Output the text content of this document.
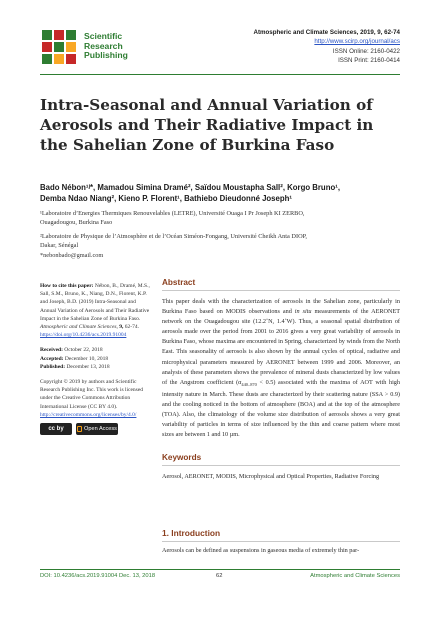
Scientific
Research
Publishing
Atmospheric and Climate Sciences, 2019, 9, 62-74
http://www.scirp.org/journal/acs
ISSN Online: 2160-0422
ISSN Print: 2160-0414
Intra-Seasonal and Annual Variation of Aerosols and Their Radiative Impact in the Sahelian Zone of Burkina Faso
Bado Nébon¹ʲ*, Mamadou Simina Dramé², Saïdou Moustapha Sall², Korgo Bruno¹,
Demba Ndao Niang², Kieno P. Florent¹, Bathiebo Dieudonné Joseph¹
¹Laboratoire d’Energies Thermiques Renouvelables (LETRE), Université Ouaga I Pr Joseph KI ZERBO,
Ouagadougou, Burkina Faso
²Laboratoire de Physique de l’Atmosphère et de l’Océan Siméon-Fongang, Université Cheikh Anta DIOP,
Dakar, Sénégal
*nebonbado@gmail.com
How to cite this paper: Nébon, B., Dramé, M.S., Sall, S.M., Bruno, K., Niang, D.N., Florent, K.P. and Joseph, B.D. (2019) Intra-Seasonal and Annual Variation of Aerosols and Their Radiative Impact in the Sahelian Zone of Burkina Faso. Atmospheric and Climate Sciences, 9, 62-74.
https://doi.org/10.4236/acs.2019.91004
Received: October 22, 2018
Accepted: December 10, 2018
Published: December 13, 2018
Copyright © 2019 by authors and Scientific Research Publishing Inc. This work is licensed under the Creative Commons Attribution International License (CC BY 4.0).
http://creativecommons.org/licenses/by/4.0/
cc by	Open Access
Abstract
This paper deals with the characterization of aerosols in the Sahelian zone, particularly in Burkina Faso based on MODIS observations and in situ measurements of the AERONET network on the Ouagadougou site (12.2˚N, 1.4˚W). Thus, a seasonal spatial distribution of aerosols made over the period from 2001 to 2016 gives a very great variability of aerosols in Burkina Faso, whose maxima are encountered in Spring, characterized by winds from the North East. This seasonality of aerosols is also shown by the annual cycles of optical, radiative and microphysical parameters measured by AERONET between 1999 and 2006. Moreover, an analysis of these parameters shows the prevalence of mineral dusts characterized by low values of the Angstrom coefficient $(\alpha_{440-870} < 0.5)$ associated with the maxima of AOT with high intensity nature in March. These dusts are characterized by their scattering nature (SSA > 0.9) and the cooling noticed in the bottom of atmosphere (BOA) and at the top of the atmosphere (TOA). Also, the climatology of the volume size distribution of aerosols shows a very great variability of particles in terms of size influenced by the thin and coarse pattern where most sizes are between 1 and 10 µm.
Keywords
Aerosol, AERONET, MODIS, Microphysical and Optical Properties, Radiative Forcing
1. Introduction

Aerosols can be defined as suspensions in gaseous media of extremely thin par-

DOI: 10.4236/acs.2019.91004 Dec. 13, 2018	62	Atmospheric and Climate Sciences
